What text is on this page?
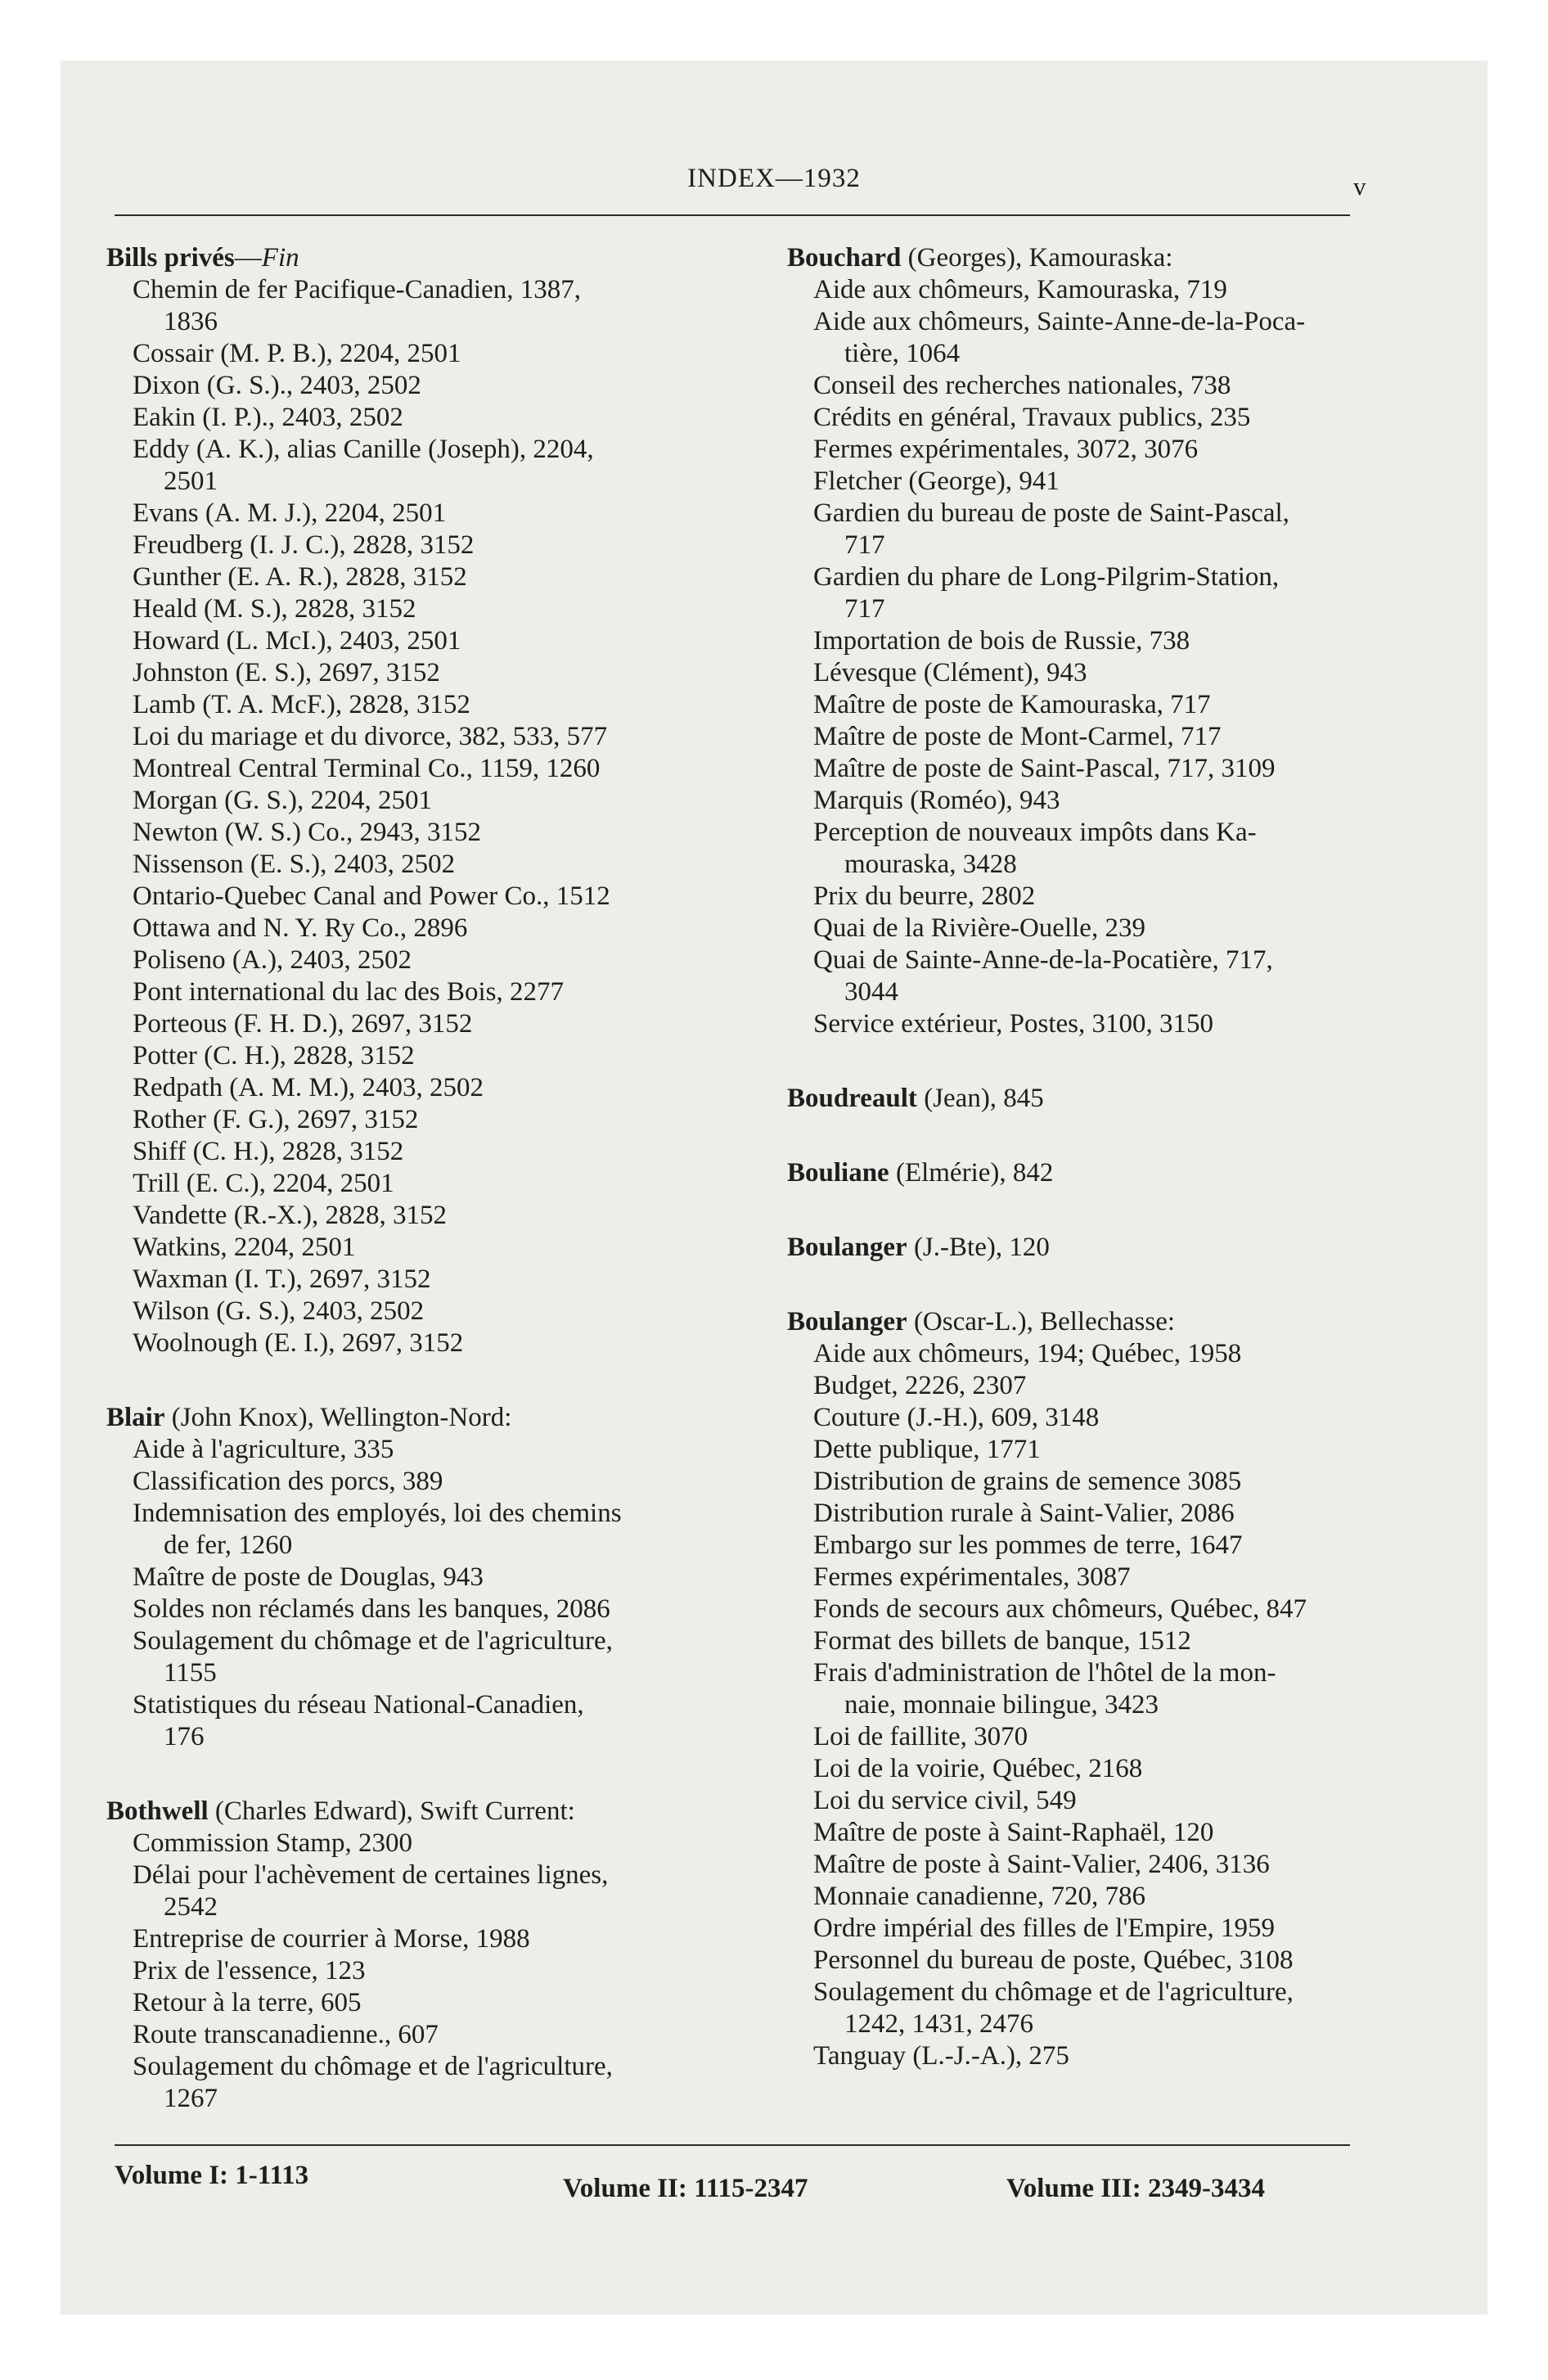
INDEX—1932	v
Bills privés—Fin
Chemin de fer Pacifique-Canadien, 1387,
1836
Cossair (M. P. B.), 2204, 2501
Dixon (G. S.)., 2403, 2502
Eakin (I. P.)., 2403, 2502
Eddy (A. K.), alias Canille (Joseph), 2204,
2501
Evans (A. M. J.), 2204, 2501
Freudberg (I. J. C.), 2828, 3152
Gunther (E. A. R.), 2828, 3152
Heald (M. S.), 2828, 3152
Howard (L. McI.), 2403, 2501
Johnston (E. S.), 2697, 3152
Lamb (T. A. McF.), 2828, 3152
Loi du mariage et du divorce, 382, 533, 577
Montreal Central Terminal Co., 1159, 1260
Morgan (G. S.), 2204, 2501
Newton (W. S.) Co., 2943, 3152
Nissenson (E. S.), 2403, 2502
Ontario-Quebec Canal and Power Co., 1512
Ottawa and N. Y. Ry Co., 2896
Poliseno (A.), 2403, 2502
Pont international du lac des Bois, 2277
Porteous (F. H. D.), 2697, 3152
Potter (C. H.), 2828, 3152
Redpath (A. M. M.), 2403, 2502
Rother (F. G.), 2697, 3152
Shiff (C. H.), 2828, 3152
Trill (E. C.), 2204, 2501
Vandette (R.-X.), 2828, 3152
Watkins, 2204, 2501
Waxman (I. T.), 2697, 3152
Wilson (G. S.), 2403, 2502
Woolnough (E. I.), 2697, 3152
Blair (John Knox), Wellington-Nord:
Aide à l'agriculture, 335
Classification des porcs, 389
Indemnisation des employés, loi des chemins
de fer, 1260
Maître de poste de Douglas, 943
Soldes non réclamés dans les banques, 2086
Soulagement du chômage et de l'agriculture,
1155
Statistiques du réseau National-Canadien,
176
Bothwell (Charles Edward), Swift Current:
Commission Stamp, 2300
Délai pour l'achèvement de certaines lignes,
2542
Entreprise de courrier à Morse, 1988
Prix de l'essence, 123
Retour à la terre, 605
Route transcanadienne., 607
Soulagement du chômage et de l'agriculture,
1267
Bouchard (Georges), Kamouraska:
Aide aux chômeurs, Kamouraska, 719
Aide aux chômeurs, Sainte-Anne-de-la-Poca-
tière, 1064
Conseil des recherches nationales, 738
Crédits en général, Travaux publics, 235
Fermes expérimentales, 3072, 3076
Fletcher (George), 941
Gardien du bureau de poste de Saint-Pascal,
717
Gardien du phare de Long-Pilgrim-Station,
717
Importation de bois de Russie, 738
Lévesque (Clément), 943
Maître de poste de Kamouraska, 717
Maître de poste de Mont-Carmel, 717
Maître de poste de Saint-Pascal, 717, 3109
Marquis (Roméo), 943
Perception de nouveaux impôts dans Ka-
mouraska, 3428
Prix du beurre, 2802
Quai de la Rivière-Ouelle, 239
Quai de Sainte-Anne-de-la-Pocatière, 717,
3044
Service extérieur, Postes, 3100, 3150
Boudreault (Jean), 845
Bouliane (Elmérie), 842
Boulanger (J.-Bte), 120
Boulanger (Oscar-L.), Bellechasse:
Aide aux chômeurs, 194; Québec, 1958
Budget, 2226, 2307
Couture (J.-H.), 609, 3148
Dette publique, 1771
Distribution de grains de semence 3085
Distribution rurale à Saint-Valier, 2086
Embargo sur les pommes de terre, 1647
Fermes expérimentales, 3087
Fonds de secours aux chômeurs, Québec, 847
Format des billets de banque, 1512
Frais d'administration de l'hôtel de la mon-
naie, monnaie bilingue, 3423
Loi de faillite, 3070
Loi de la voirie, Québec, 2168
Loi du service civil, 549
Maître de poste à Saint-Raphaël, 120
Maître de poste à Saint-Valier, 2406, 3136
Monnaie canadienne, 720, 786
Ordre impérial des filles de l'Empire, 1959
Personnel du bureau de poste, Québec, 3108
Soulagement du chômage et de l'agriculture,
1242, 1431, 2476
Tanguay (L.-J.-A.), 275
Volume I: 1-1113	Volume II: 1115-2347	Volume III: 2349-3434
